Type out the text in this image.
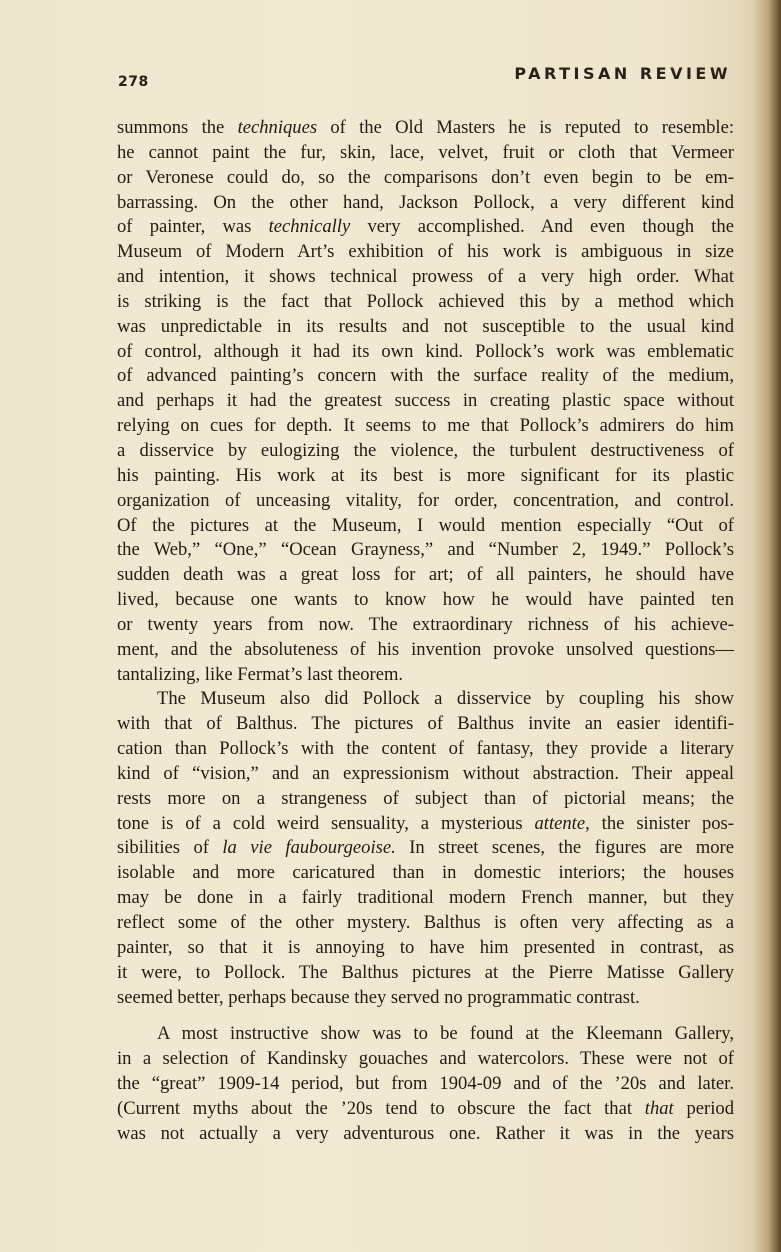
278	PARTISAN REVIEW
summons the techniques of the Old Masters he is reputed to resemble:
he cannot paint the fur, skin, lace, velvet, fruit or cloth that Vermeer
or Veronese could do, so the comparisons don’t even begin to be em-
barrassing. On the other hand, Jackson Pollock, a very different kind
of painter, was technically very accomplished. And even though the
Museum of Modern Art’s exhibition of his work is ambiguous in size
and intention, it shows technical prowess of a very high order. What
is striking is the fact that Pollock achieved this by a method which
was unpredictable in its results and not susceptible to the usual kind
of control, although it had its own kind. Pollock’s work was emblematic
of advanced painting’s concern with the surface reality of the medium,
and perhaps it had the greatest success in creating plastic space without
relying on cues for depth. It seems to me that Pollock’s admirers do him
a disservice by eulogizing the violence, the turbulent destructiveness of
his painting. His work at its best is more significant for its plastic
organization of unceasing vitality, for order, concentration, and control.
Of the pictures at the Museum, I would mention especially “Out of
the Web,” “One,” “Ocean Grayness,” and “Number 2, 1949.” Pollock’s
sudden death was a great loss for art; of all painters, he should have
lived, because one wants to know how he would have painted ten
or twenty years from now. The extraordinary richness of his achieve-
ment, and the absoluteness of his invention provoke unsolved questions—
tantalizing, like Fermat’s last theorem.
The Museum also did Pollock a disservice by coupling his show
with that of Balthus. The pictures of Balthus invite an easier identifi-
cation than Pollock’s with the content of fantasy, they provide a literary
kind of “vision,” and an expressionism without abstraction. Their appeal
rests more on a strangeness of subject than of pictorial means; the
tone is of a cold weird sensuality, a mysterious attente, the sinister pos-
sibilities of la vie faubourgeoise. In street scenes, the figures are more
isolable and more caricatured than in domestic interiors; the houses
may be done in a fairly traditional modern French manner, but they
reflect some of the other mystery. Balthus is often very affecting as a
painter, so that it is annoying to have him presented in contrast, as
it were, to Pollock. The Balthus pictures at the Pierre Matisse Gallery
seemed better, perhaps because they served no programmatic contrast.
A most instructive show was to be found at the Kleemann Gallery,
in a selection of Kandinsky gouaches and watercolors. These were not of
the “great” 1909-14 period, but from 1904-09 and of the ’20s and later.
(Current myths about the ’20s tend to obscure the fact that that period
was not actually a very adventurous one. Rather it was in the years
